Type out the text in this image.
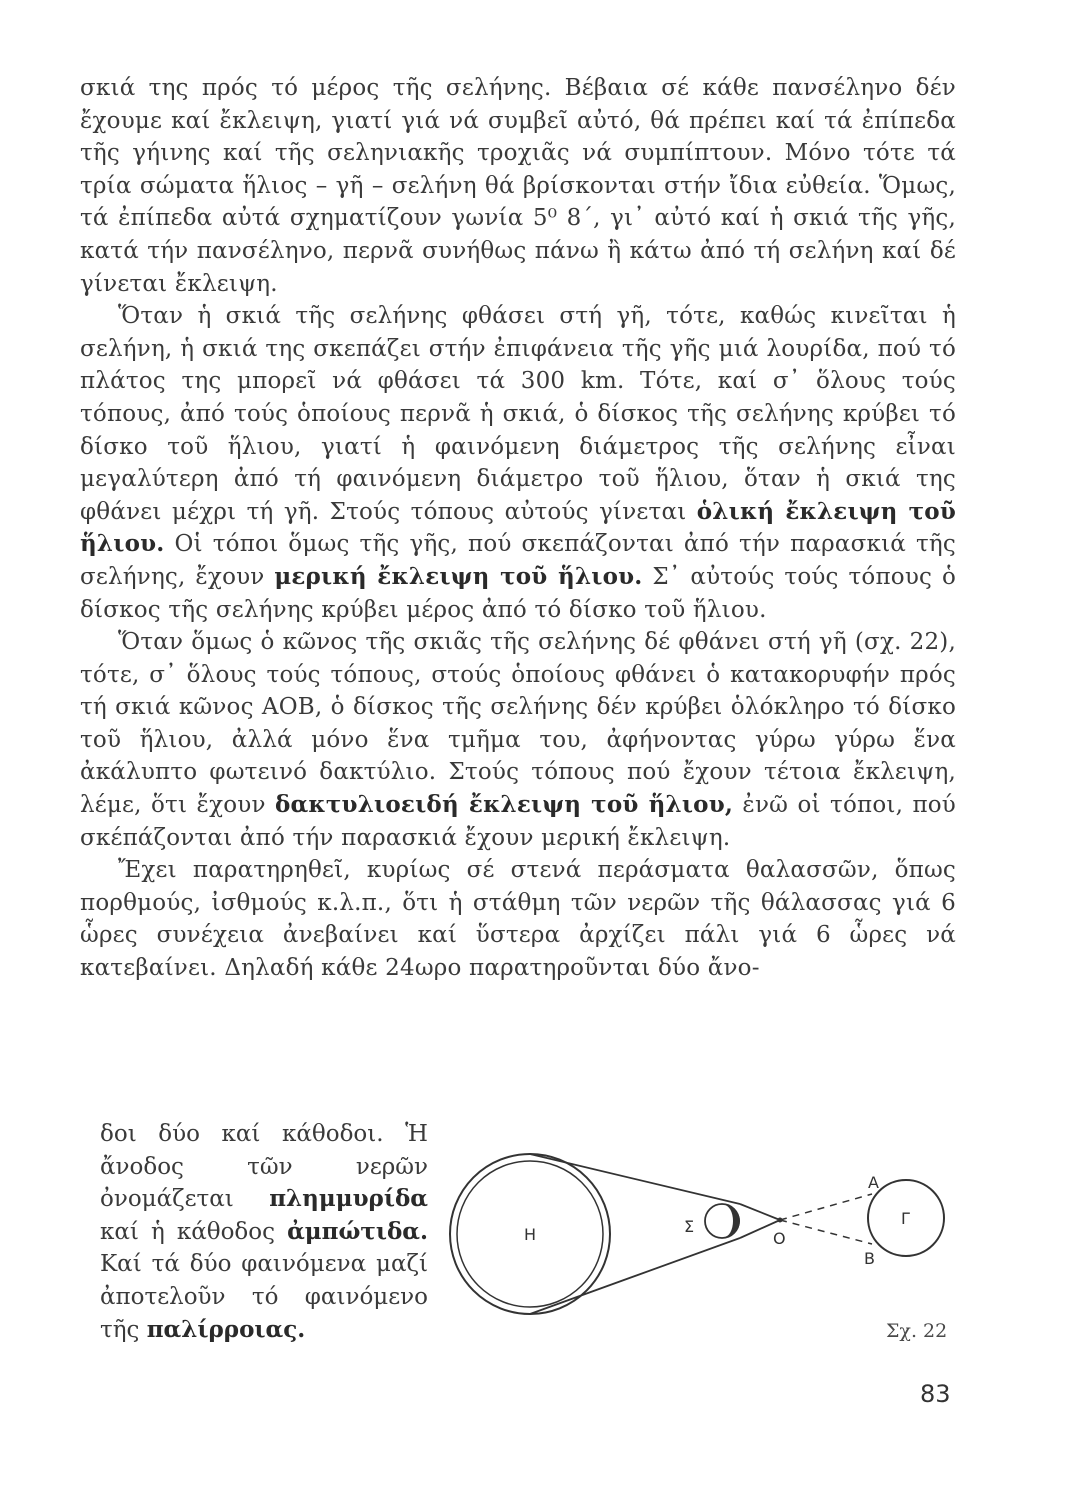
σκιά της πρός τό μέρος τῆς σελήνης. Βέβαια σέ κάθε πανσέληνο δέν ἔχουμε καί ἔκλειψη, γιατί γιά νά συμβεῖ αὐτό, θά πρέπει καί τά ἐπίπεδα τῆς γήινης καί τῆς σεληνιακῆς τροχιᾶς νά συμπίπτουν. Μόνο τότε τά τρία σώματα ἥλιος – γῆ – σελήνη θά βρίσκονται στήν ἴδια εὐθεία. Ὅμως, τά ἐπίπεδα αὐτά σχηματίζουν γωνία 5⁰ 8΄, γι᾽ αὐτό καί ἡ σκιά τῆς γῆς, κατά τήν πανσέληνο, περνᾶ συνήθως πάνω ἢ κάτω ἀπό τή σελήνη καί δέ γίνεται ἔκλειψη.

Ὅταν ἡ σκιά τῆς σελήνης φθάσει στή γῆ, τότε, καθώς κινεῖται ἡ σελήνη, ἡ σκιά της σκεπάζει στήν ἐπιφάνεια τῆς γῆς μιά λουρίδα, πού τό πλάτος της μπορεῖ νά φθάσει τά 300 km. Τότε, καί σ᾽ ὅλους τούς τόπους, ἀπό τούς ὁποίους περνᾶ ἡ σκιά, ὁ δίσκος τῆς σελήνης κρύβει τό δίσκο τοῦ ἥλιου, γιατί ἡ φαινόμενη διάμετρος τῆς σελήνης εἶναι μεγαλύτερη ἀπό τή φαινόμενη διάμετρο τοῦ ἥλιου, ὅταν ἡ σκιά της φθάνει μέχρι τή γῆ. Στούς τόπους αὐτούς γίνεται ὁλική ἔκλειψη τοῦ ἥλιου. Οἱ τόποι ὅμως τῆς γῆς, πού σκεπάζονται ἀπό τήν παρασκιά τῆς σελήνης, ἔχουν μερική ἔκλειψη τοῦ ἥλιου. Σ᾽ αὐτούς τούς τόπους ὁ δίσκος τῆς σελήνης κρύβει μέρος ἀπό τό δίσκο τοῦ ἥλιου.

Ὅταν ὅμως ὁ κῶνος τῆς σκιᾶς τῆς σελήνης δέ φθάνει στή γῆ (σχ. 22), τότε, σ᾽ ὅλους τούς τόπους, στούς ὁποίους φθάνει ὁ κατακορυφήν πρός τή σκιά κῶνος ΑΟΒ, ὁ δίσκος τῆς σελήνης δέν κρύβει ὁλόκληρο τό δίσκο τοῦ ἥλιου, ἀλλά μόνο ἕνα τμῆμα του, ἀφήνοντας γύρω γύρω ἕνα ἀκάλυπτο φωτεινό δακτύλιο. Στούς τόπους πού ἔχουν τέτοια ἔκλειψη, λέμε, ὅτι ἔχουν δακτυλιοειδή ἔκλειψη τοῦ ἥλιου, ἐνῶ οἱ τόποι, πού σκέπάζονται ἀπό τήν παρασκιά ἔχουν μερική ἔκλειψη.

Ἔχει παρατηρηθεῖ, κυρίως σέ στενά περάσματα θαλασσῶν, ὅπως πορθμούς, ἰσθμούς κ.λ.π., ὅτι ἡ στάθμη τῶν νερῶν τῆς θάλασσας γιά 6 ὧρες συνέχεια ἀνεβαίνει καί ὕστερα ἀρχίζει πάλι γιά 6 ὧρες νά κατεβαίνει. Δηλαδή κάθε 24ωρο παρατηροῦνται δύο ἄνο-

δοι δύο καί κάθοδοι. Ἡ ἄνοδος τῶν νερῶν ὀνομάζεται πλημμυρίδα καί ἡ κάθοδος ἀμπώτιδα. Καί τά δύο φαινόμενα μαζί ἀποτελοῦν τό φαινόμενο τῆς παλίρροιας.

Η	Σ
Ο
Α
Β
Γ
Σχ. 22
83
